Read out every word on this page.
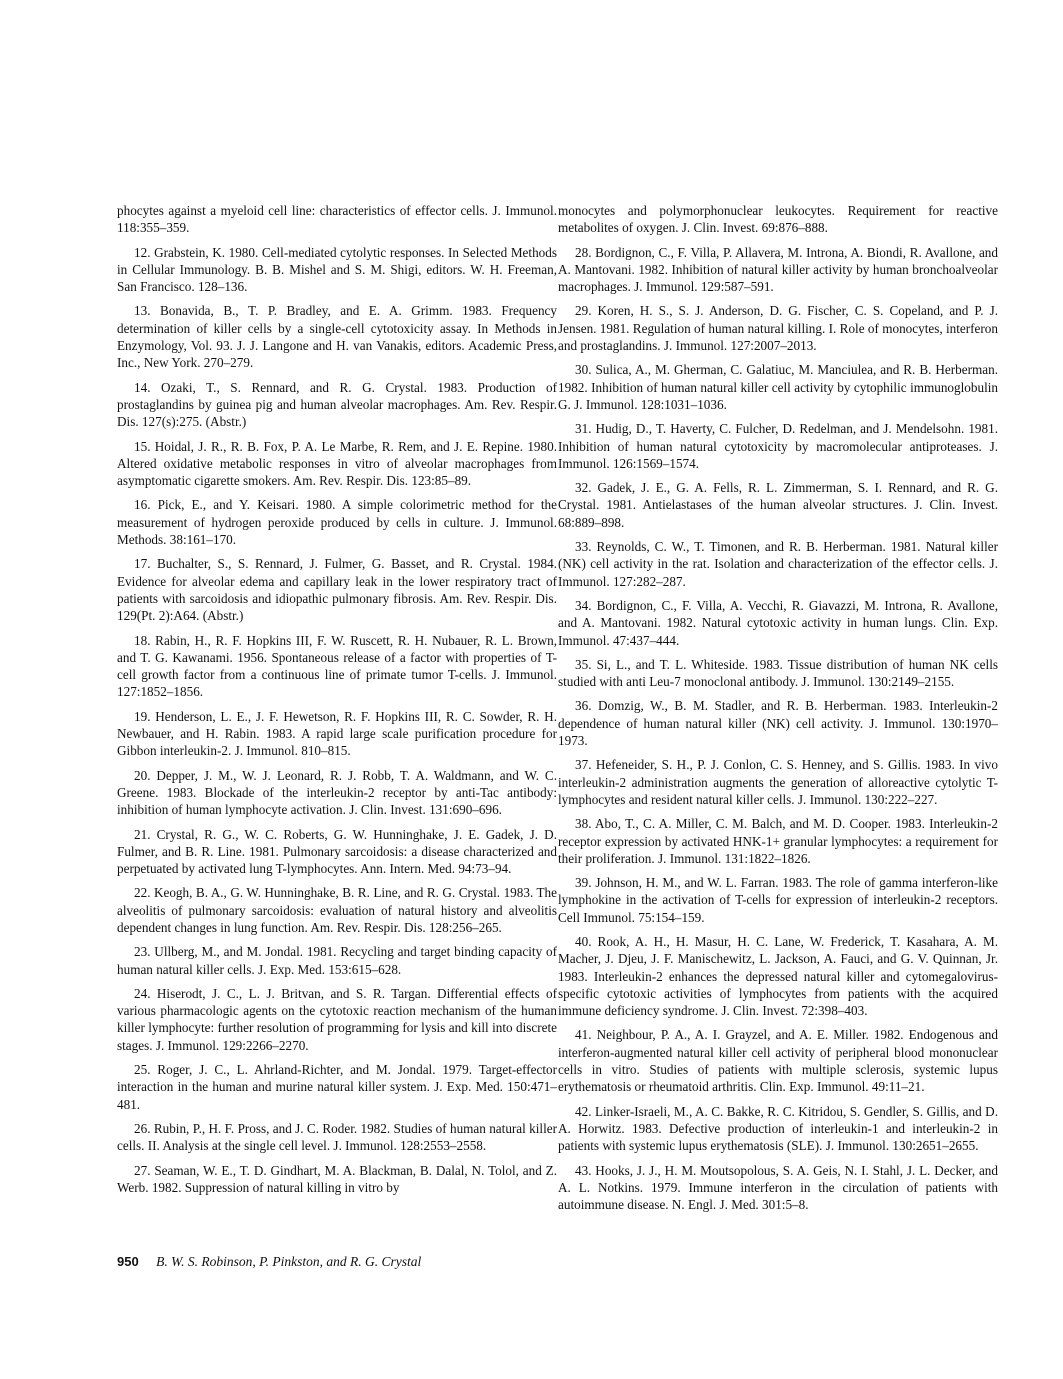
phocytes against a myeloid cell line: characteristics of effector cells. J. Immunol. 118:355–359.

12. Grabstein, K. 1980. Cell-mediated cytolytic responses. In Selected Methods in Cellular Immunology. B. B. Mishel and S. M. Shigi, editors. W. H. Freeman, San Francisco. 128–136.

13. Bonavida, B., T. P. Bradley, and E. A. Grimm. 1983. Frequency determination of killer cells by a single-cell cytotoxicity assay. In Methods in Enzymology, Vol. 93. J. J. Langone and H. van Vanakis, editors. Academic Press, Inc., New York. 270–279.

14. Ozaki, T., S. Rennard, and R. G. Crystal. 1983. Production of prostaglandins by guinea pig and human alveolar macrophages. Am. Rev. Respir. Dis. 127(s):275. (Abstr.)

15. Hoidal, J. R., R. B. Fox, P. A. Le Marbe, R. Rem, and J. E. Repine. 1980. Altered oxidative metabolic responses in vitro of alveolar macrophages from asymptomatic cigarette smokers. Am. Rev. Respir. Dis. 123:85–89.

16. Pick, E., and Y. Keisari. 1980. A simple colorimetric method for the measurement of hydrogen peroxide produced by cells in culture. J. Immunol. Methods. 38:161–170.

17. Buchalter, S., S. Rennard, J. Fulmer, G. Basset, and R. Crystal. 1984. Evidence for alveolar edema and capillary leak in the lower respiratory tract of patients with sarcoidosis and idiopathic pulmonary fibrosis. Am. Rev. Respir. Dis. 129(Pt. 2):A64. (Abstr.)

18. Rabin, H., R. F. Hopkins III, F. W. Ruscett, R. H. Nubauer, R. L. Brown, and T. G. Kawanami. 1956. Spontaneous release of a factor with properties of T-cell growth factor from a continuous line of primate tumor T-cells. J. Immunol. 127:1852–1856.

19. Henderson, L. E., J. F. Hewetson, R. F. Hopkins III, R. C. Sowder, R. H. Newbauer, and H. Rabin. 1983. A rapid large scale purification procedure for Gibbon interleukin-2. J. Immunol. 810–815.

20. Depper, J. M., W. J. Leonard, R. J. Robb, T. A. Waldmann, and W. C. Greene. 1983. Blockade of the interleukin-2 receptor by anti-Tac antibody: inhibition of human lymphocyte activation. J. Clin. Invest. 131:690–696.

21. Crystal, R. G., W. C. Roberts, G. W. Hunninghake, J. E. Gadek, J. D. Fulmer, and B. R. Line. 1981. Pulmonary sarcoidosis: a disease characterized and perpetuated by activated lung T-lymphocytes. Ann. Intern. Med. 94:73–94.

22. Keogh, B. A., G. W. Hunninghake, B. R. Line, and R. G. Crystal. 1983. The alveolitis of pulmonary sarcoidosis: evaluation of natural history and alveolitis dependent changes in lung function. Am. Rev. Respir. Dis. 128:256–265.

23. Ullberg, M., and M. Jondal. 1981. Recycling and target binding capacity of human natural killer cells. J. Exp. Med. 153:615–628.

24. Hiserodt, J. C., L. J. Britvan, and S. R. Targan. Differential effects of various pharmacologic agents on the cytotoxic reaction mechanism of the human killer lymphocyte: further resolution of programming for lysis and kill into discrete stages. J. Immunol. 129:2266–2270.

25. Roger, J. C., L. Ahrland-Richter, and M. Jondal. 1979. Target-effector interaction in the human and murine natural killer system. J. Exp. Med. 150:471–481.

26. Rubin, P., H. F. Pross, and J. C. Roder. 1982. Studies of human natural killer cells. II. Analysis at the single cell level. J. Immunol. 128:2553–2558.

27. Seaman, W. E., T. D. Gindhart, M. A. Blackman, B. Dalal, N. Tolol, and Z. Werb. 1982. Suppression of natural killing in vitro by

monocytes and polymorphonuclear leukocytes. Requirement for reactive metabolites of oxygen. J. Clin. Invest. 69:876–888.

28. Bordignon, C., F. Villa, P. Allavera, M. Introna, A. Biondi, R. Avallone, and A. Mantovani. 1982. Inhibition of natural killer activity by human bronchoalveolar macrophages. J. Immunol. 129:587–591.

29. Koren, H. S., S. J. Anderson, D. G. Fischer, C. S. Copeland, and P. J. Jensen. 1981. Regulation of human natural killing. I. Role of monocytes, interferon and prostaglandins. J. Immunol. 127:2007–2013.

30. Sulica, A., M. Gherman, C. Galatiuc, M. Manciulea, and R. B. Herberman. 1982. Inhibition of human natural killer cell activity by cytophilic immunoglobulin G. J. Immunol. 128:1031–1036.

31. Hudig, D., T. Haverty, C. Fulcher, D. Redelman, and J. Mendelsohn. 1981. Inhibition of human natural cytotoxicity by macromolecular antiproteases. J. Immunol. 126:1569–1574.

32. Gadek, J. E., G. A. Fells, R. L. Zimmerman, S. I. Rennard, and R. G. Crystal. 1981. Antielastases of the human alveolar structures. J. Clin. Invest. 68:889–898.

33. Reynolds, C. W., T. Timonen, and R. B. Herberman. 1981. Natural killer (NK) cell activity in the rat. Isolation and characterization of the effector cells. J. Immunol. 127:282–287.

34. Bordignon, C., F. Villa, A. Vecchi, R. Giavazzi, M. Introna, R. Avallone, and A. Mantovani. 1982. Natural cytotoxic activity in human lungs. Clin. Exp. Immunol. 47:437–444.

35. Si, L., and T. L. Whiteside. 1983. Tissue distribution of human NK cells studied with anti Leu-7 monoclonal antibody. J. Immunol. 130:2149–2155.

36. Domzig, W., B. M. Stadler, and R. B. Herberman. 1983. Interleukin-2 dependence of human natural killer (NK) cell activity. J. Immunol. 130:1970–1973.

37. Hefeneider, S. H., P. J. Conlon, C. S. Henney, and S. Gillis. 1983. In vivo interleukin-2 administration augments the generation of alloreactive cytolytic T-lymphocytes and resident natural killer cells. J. Immunol. 130:222–227.

38. Abo, T., C. A. Miller, C. M. Balch, and M. D. Cooper. 1983. Interleukin-2 receptor expression by activated HNK-1+ granular lymphocytes: a requirement for their proliferation. J. Immunol. 131:1822–1826.

39. Johnson, H. M., and W. L. Farran. 1983. The role of gamma interferon-like lymphokine in the activation of T-cells for expression of interleukin-2 receptors. Cell Immunol. 75:154–159.

40. Rook, A. H., H. Masur, H. C. Lane, W. Frederick, T. Kasahara, A. M. Macher, J. Djeu, J. F. Manischewitz, L. Jackson, A. Fauci, and G. V. Quinnan, Jr. 1983. Interleukin-2 enhances the depressed natural killer and cytomegalovirus-specific cytotoxic activities of lymphocytes from patients with the acquired immune deficiency syndrome. J. Clin. Invest. 72:398–403.

41. Neighbour, P. A., A. I. Grayzel, and A. E. Miller. 1982. Endogenous and interferon-augmented natural killer cell activity of peripheral blood mononuclear cells in vitro. Studies of patients with multiple sclerosis, systemic lupus erythematosis or rheumatoid arthritis. Clin. Exp. Immunol. 49:11–21.

42. Linker-Israeli, M., A. C. Bakke, R. C. Kitridou, S. Gendler, S. Gillis, and D. A. Horwitz. 1983. Defective production of interleukin-1 and interleukin-2 in patients with systemic lupus erythematosis (SLE). J. Immunol. 130:2651–2655.

43. Hooks, J. J., H. M. Moutsopolous, S. A. Geis, N. I. Stahl, J. L. Decker, and A. L. Notkins. 1979. Immune interferon in the circulation of patients with autoimmune disease. N. Engl. J. Med. 301:5–8.

950 B. W. S. Robinson, P. Pinkston, and R. G. Crystal
